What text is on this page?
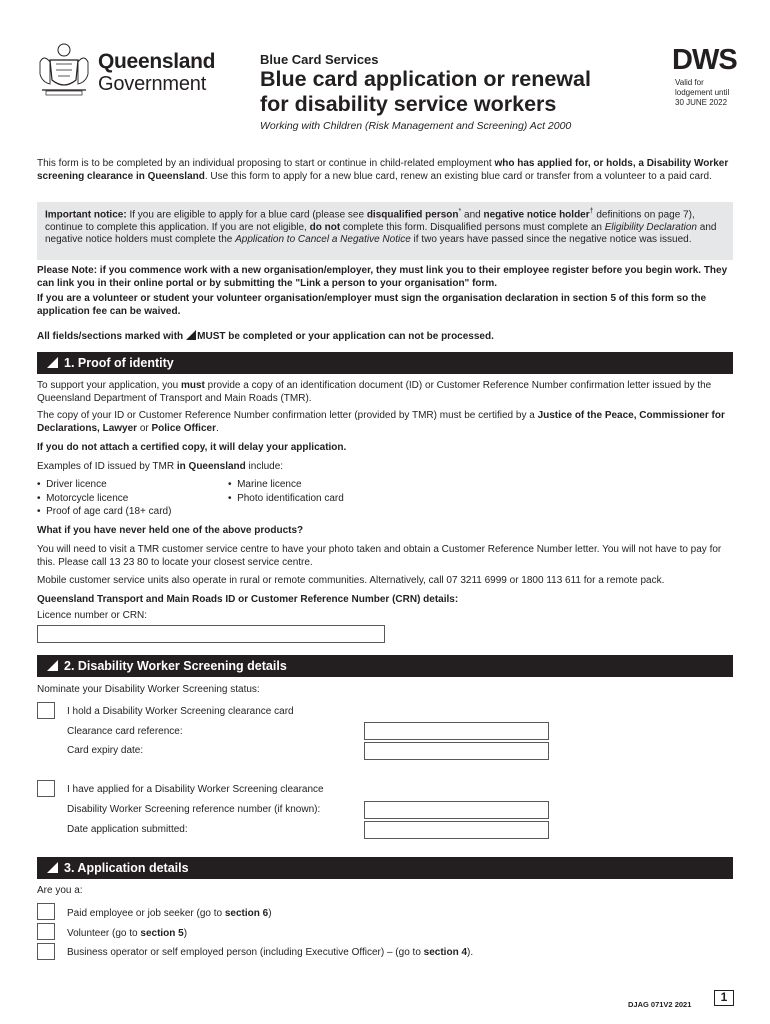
Queensland
Government
Blue Card Services
Blue card application or renewal
for disability service workers
Working with Children (Risk Management and Screening) Act 2000
DWS
Valid for
lodgement until
30 JUNE 2022
This form is to be completed by an individual proposing to start or continue in child-related employment who has applied for, or holds, a Disability Worker screening clearance in Queensland. Use this form to apply for a new blue card, renew an existing blue card or transfer from a volunteer to a paid card.
Important notice: If you are eligible to apply for a blue card (please see disqualified person* and negative notice holder† definitions on page 7), continue to complete this application. If you are not eligible, do not complete this form. Disqualified persons must complete an Eligibility Declaration and negative notice holders must complete the Application to Cancel a Negative Notice if two years have passed since the negative notice was issued.
Please Note: if you commence work with a new organisation/employer, they must link you to their employee register before you begin work. They can link you in their online portal or by submitting the "Link a person to your organisation" form.
If you are a volunteer or student your volunteer organisation/employer must sign the organisation declaration in section 5 of this form so the application fee can be waived.
All fields/sections marked with MUST be completed or your application can not be processed.
1. Proof of identity
To support your application, you must provide a copy of an identification document (ID) or Customer Reference Number confirmation letter issued by the Queensland Department of Transport and Main Roads (TMR).
The copy of your ID or Customer Reference Number confirmation letter (provided by TMR) must be certified by a Justice of the Peace, Commissioner for Declarations, Lawyer or Police Officer.
If you do not attach a certified copy, it will delay your application.
Examples of ID issued by TMR in Queensland include:
•  Driver licence
•  Motorcycle licence
•  Proof of age card (18+ card)
•  Marine licence
•  Photo identification card
What if you have never held one of the above products?
You will need to visit a TMR customer service centre to have your photo taken and obtain a Customer Reference Number letter. You will not have to pay for this. Please call 13 23 80 to locate your closest service centre.
Mobile customer service units also operate in rural or remote communities. Alternatively, call 07 3211 6999 or 1800 113 611 for a remote pack.
Queensland Transport and Main Roads ID or Customer Reference Number (CRN) details:
Licence number or CRN:
2. Disability Worker Screening details
Nominate your Disability Worker Screening status:
I hold a Disability Worker Screening clearance card
Clearance card reference:
Card expiry date:
I have applied for a Disability Worker Screening clearance
Disability Worker Screening reference number (if known):
Date application submitted:
3. Application details
Are you a:
Paid employee or job seeker (go to section 6)
Volunteer (go to section 5)
Business operator or self employed person (including Executive Officer) – (go to section 4).
DJAG 071V2 2021
1
